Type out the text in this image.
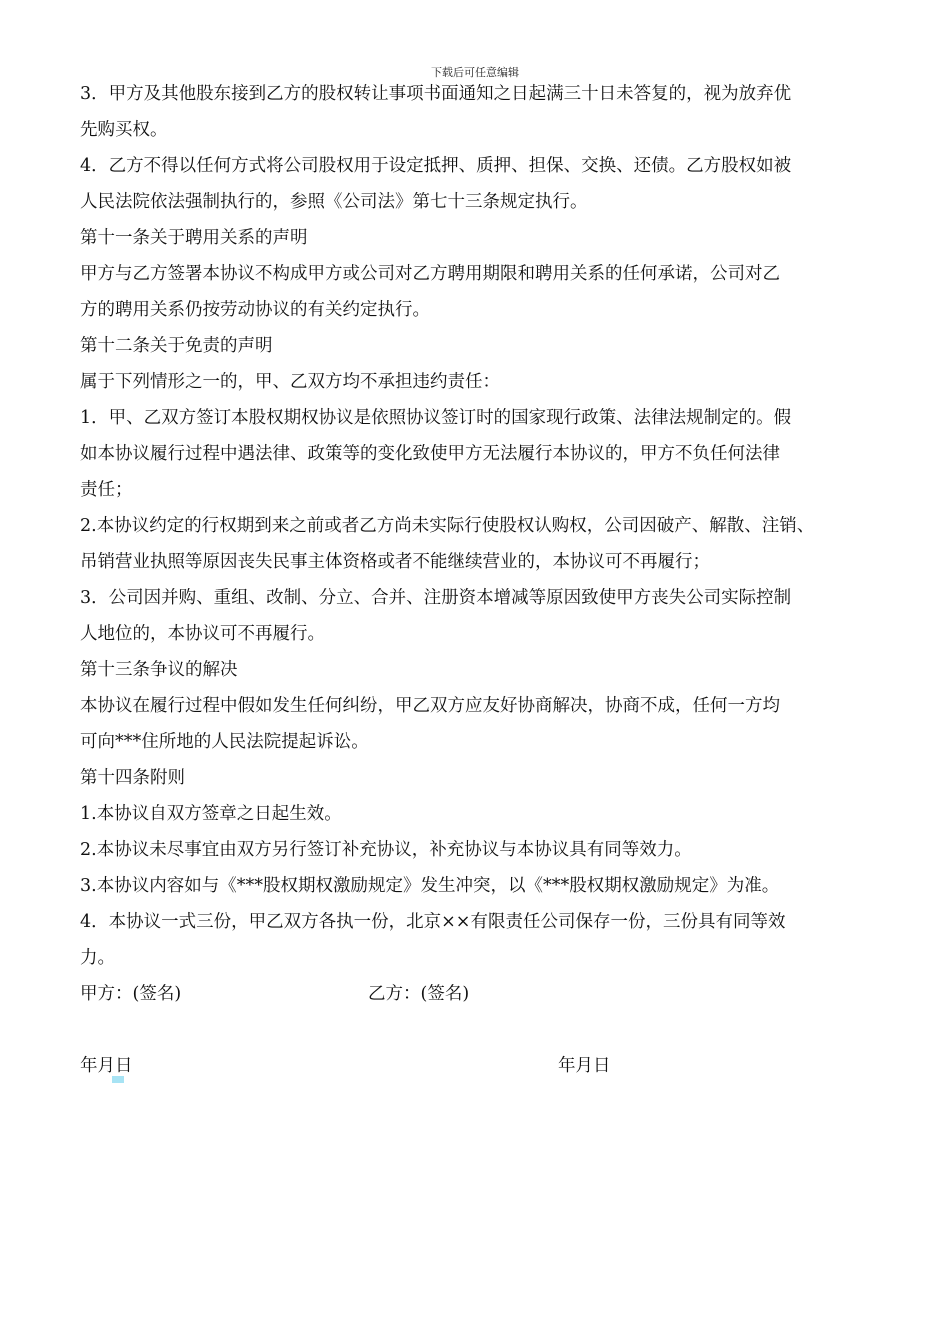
下载后可任意编辑
3．甲方及其他股东接到乙方的股权转让事项书面通知之日起满三十日未答复的，视为放弃优
先购买权。
4．乙方不得以任何方式将公司股权用于设定抵押、质押、担保、交换、还债。乙方股权如被
人民法院依法强制执行的，参照《公司法》第七十三条规定执行。
第十一条关于聘用关系的声明
甲方与乙方签署本协议不构成甲方或公司对乙方聘用期限和聘用关系的任何承诺，公司对乙
方的聘用关系仍按劳动协议的有关约定执行。
第十二条关于免责的声明
属于下列情形之一的，甲、乙双方均不承担违约责任：
1．甲、乙双方签订本股权期权协议是依照协议签订时的国家现行政策、法律法规制定的。假
如本协议履行过程中遇法律、政策等的变化致使甲方无法履行本协议的，甲方不负任何法律
责任；
2.本协议约定的行权期到来之前或者乙方尚未实际行使股权认购权，公司因破产、解散、注销、
吊销营业执照等原因丧失民事主体资格或者不能继续营业的，本协议可不再履行；
3．公司因并购、重组、改制、分立、合并、注册资本增减等原因致使甲方丧失公司实际控制
人地位的，本协议可不再履行。
第十三条争议的解决
本协议在履行过程中假如发生任何纠纷，甲乙双方应友好协商解决，协商不成，任何一方均
可向***住所地的人民法院提起诉讼。
第十四条附则
1.本协议自双方签章之日起生效。
2.本协议未尽事宜由双方另行签订补充协议，补充协议与本协议具有同等效力。
3.本协议内容如与《***股权期权激励规定》发生冲突，以《***股权期权激励规定》为准。
4．本协议一式三份，甲乙双方各执一份，北京××有限责任公司保存一份，三份具有同等效
力。
甲方：(签名)	乙方：(签名)
年月日	年月日
